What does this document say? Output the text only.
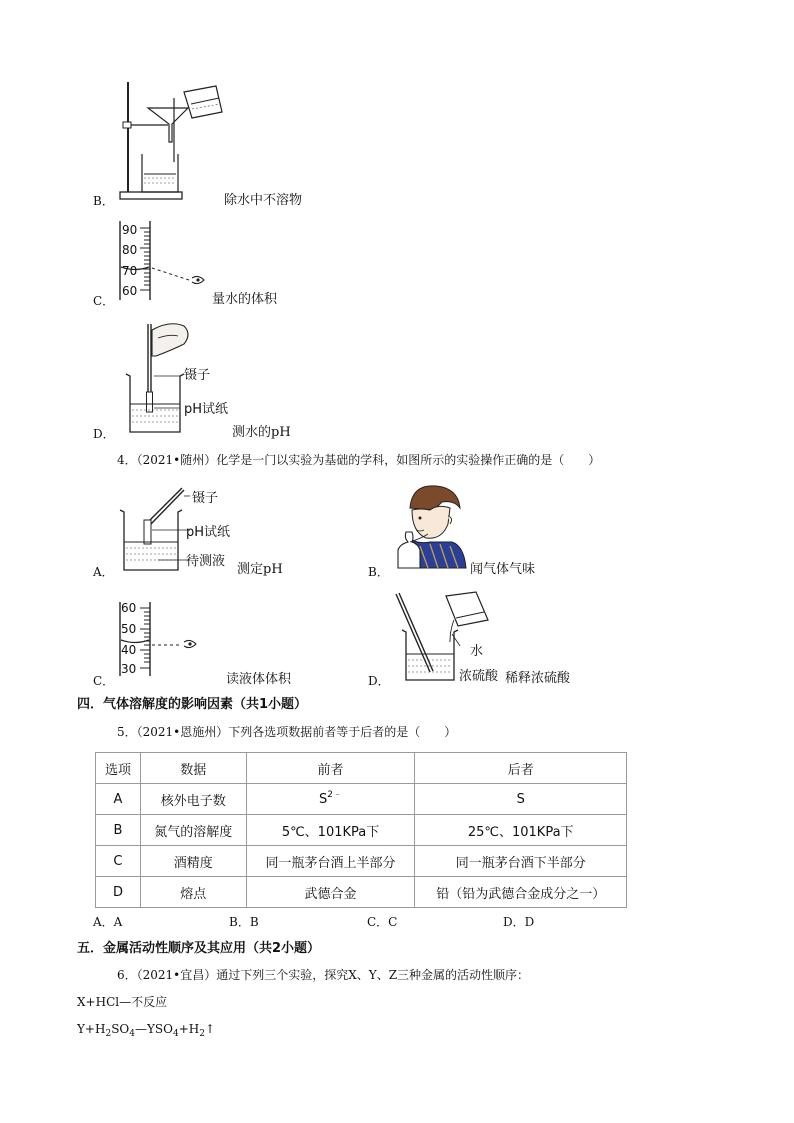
B．	除水中不溶物
90
80
70
60
C．	量水的体积
镊子
pH试纸
D．	测水的pH
4．（2021•随州）化学是一门以实验为基础的学科，如图所示的实验操作正确的是（　　）
镊子
pH试纸
待测液
A．	测定pH	B．	闻气体气味
60
50
40
30
C．	读液体体积
水
浓硫酸
D．	稀释浓硫酸
四．气体溶解度的影响因素（共1小题）
5．（2021•恩施州）下列各选项数据前者等于后者的是（　　）
选项	数据	前者	后者
A	核外电子数	$S^{2﹣}$	S
B	氮气的溶解度	5℃、101KPa下	25℃、101KPa下
C	酒精度	同一瓶茅台酒上半部分	同一瓶茅台酒下半部分
D	熔点	武德合金	铅（铅为武德合金成分之一）
A．A	B．B	C．C	D．D
五．金属活动性顺序及其应用（共2小题）
6．（2021•宜昌）通过下列三个实验，探究X、Y、Z三种金属的活动性顺序：
X+HCl—不反应
$Y+H_2SO_4—YSO_4+H_2↑$
